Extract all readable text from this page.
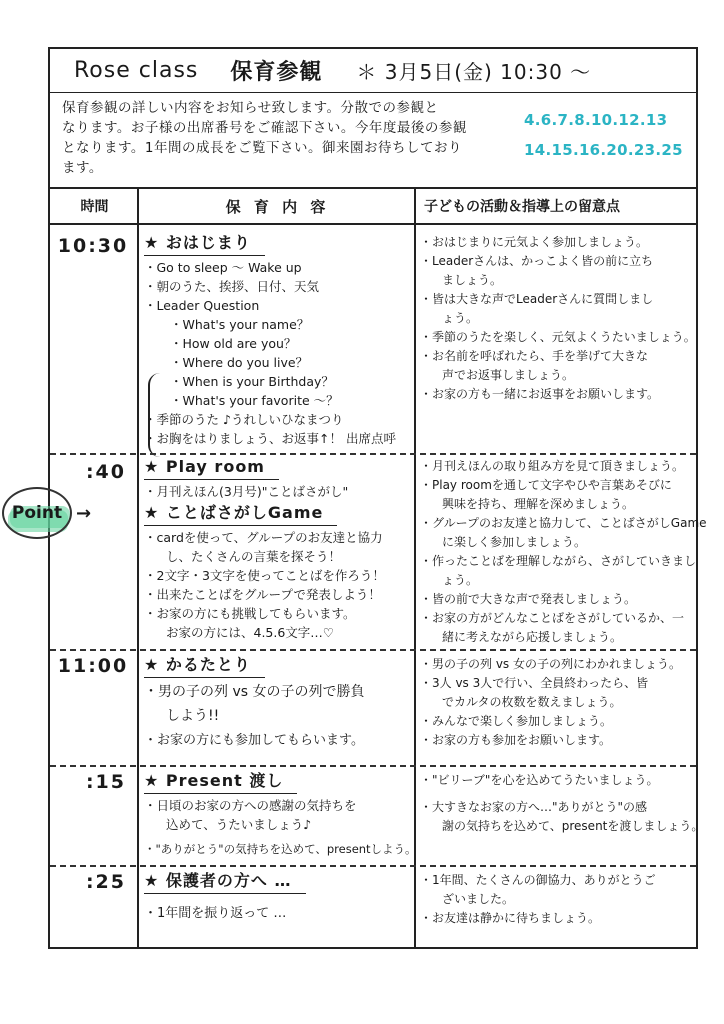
Rose class 保育参観 ＊ 3月5日(金) 10:30 〜
保育参観の詳しい内容をお知らせ致します。分散での参観と
なります。お子様の出席番号をご確認下さい。今年度最後の参観
となります。1年間の成長をご覧下さい。御来園お待ちしており
ます。
4.6.7.8.10.12.13
14.15.16.20.23.25
時間	保 育 内 容	子どもの活動＆指導上の留意点
10:30 ★ おはじまり
・Go to sleep ～ Wake up
・朝のうた、挨拶、日付、天気
・Leader Question
・What's your name？
・How old are you？
・Where do you live？
・When is your Birthday？
・What's your favorite ～？
・季節のうた ♪うれしいひなまつり
・お胸をはりましょう、お返事↑！ 出席点呼
・おはじまりに元気よく参加しましょう。
・Leaderさんは、かっこよく皆の前に立ち
ましょう。
・皆は大きな声でLeaderさんに質問しまし
ょう。
・季節のうたを楽しく、元気よくうたいましょう。
・お名前を呼ばれたら、手を挙げて大きな
声でお返事しましょう。
・お家の方も一緒にお返事をお願いします。
:40 ★ Play room
・月刊えほん(3月号)"ことばさがし"
★ ことばさがしGame
・cardを使って、グループのお友達と協力
し、たくさんの言葉を探そう！
・2文字・3文字を使ってことばを作ろう！
・出来たことばをグループで発表しよう！
・お家の方にも挑戦してもらいます。
お家の方には、4.5.6文字…♡
・月刊えほんの取り組み方を見て頂きましょう。
・Play roomを通して文字やひや言葉あそびに
興味を持ち、理解を深めましょう。
・グループのお友達と協力して、ことばさがしGame
に楽しく参加しましょう。
・作ったことばを理解しながら、さがしていきまし
ょう。
・皆の前で大きな声で発表しましょう。
・お家の方がどんなことばをさがしているか、一
緒に考えながら応援しましょう。
11:00 ★ かるたとり
・男の子の列 vs 女の子の列で勝負
しよう!!
・お家の方にも参加してもらいます。
・男の子の列 vs 女の子の列にわかれましょう。
・3人 vs 3人で行い、全員終わったら、皆
でカルタの枚数を数えましょう。
・みんなで楽しく参加しましょう。
・お家の方も参加をお願いします。
:15 ★ Present 渡し
・日頃のお家の方への感謝の気持ちを
込めて、うたいましょう♪
・"ありがとう"の気持ちを込めて、presentしよう。
・"ビリーブ"を心を込めてうたいましょう。
・大すきなお家の方へ…"ありがとう"の感
謝の気持ちを込めて、presentを渡しましょう。
:25 ★ 保護者の方へ …
・1年間を振り返って …
・1年間、たくさんの御協力、ありがとうご
ざいました。
・お友達は静かに待ちましょう。
Point →
